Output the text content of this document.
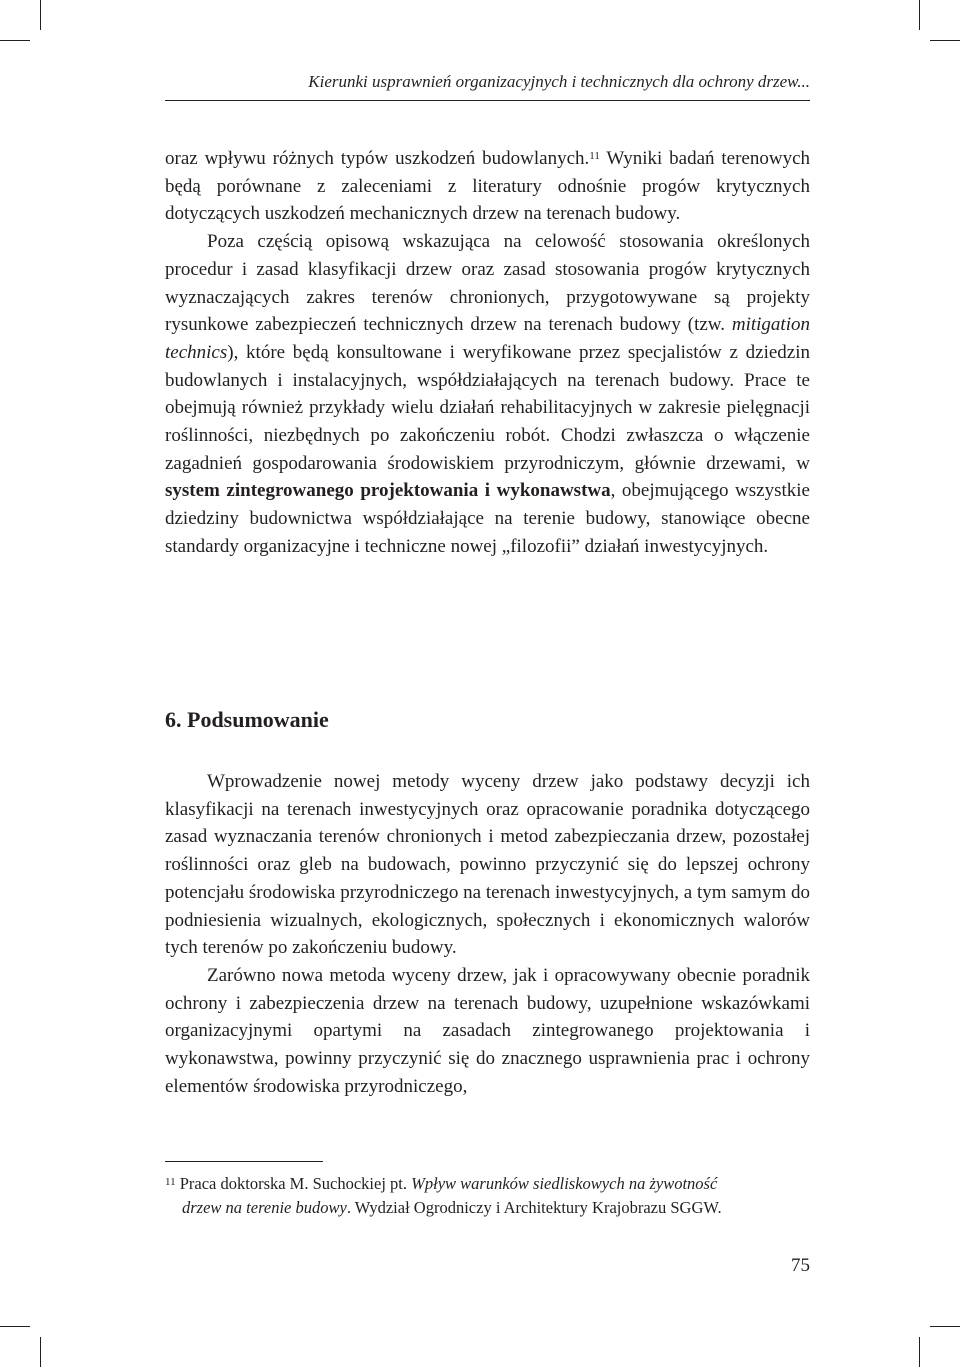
Kierunki usprawnień organizacyjnych i technicznych dla ochrony drzew...

oraz wpływu różnych typów uszkodzeń budowlanych.$^{11}$ Wyniki badań terenowych będą porównane z zaleceniami z literatury odnośnie progów krytycznych dotyczących uszkodzeń mechanicznych drzew na terenach budowy.

Poza częścią opisową wskazująca na celowość stosowania określonych procedur i zasad klasyfikacji drzew oraz zasad stosowania progów krytycznych wyznaczających zakres terenów chronionych, przygotowywane są projekty rysunkowe zabezpieczeń technicznych drzew na terenach budowy (tzw. mitigation technics), które będą konsultowane i weryfikowane przez specjalistów z dziedzin budowlanych i instalacyjnych, współdziałających na terenach budowy. Prace te obejmują również przykłady wielu działań rehabilitacyjnych w zakresie pielęgnacji roślinności, niezbędnych po zakończeniu robót. Chodzi zwłaszcza o włączenie zagadnień gospodarowania środowiskiem przyrodniczym, głównie drzewami, w system zintegrowanego projektowania i wykonawstwa, obejmującego wszystkie dziedziny budownictwa współdziałające na terenie budowy, stanowiące obecne standardy organizacyjne i techniczne nowej „filozofii” działań inwestycyjnych.

6. Podsumowanie

Wprowadzenie nowej metody wyceny drzew jako podstawy decyzji ich klasyfikacji na terenach inwestycyjnych oraz opracowanie poradnika dotyczącego zasad wyznaczania terenów chronionych i metod zabezpieczania drzew, pozostałej roślinności oraz gleb na budowach, powinno przyczynić się do lepszej ochrony potencjału środowiska przyrodniczego na terenach inwestycyjnych, a tym samym do podniesienia wizualnych, ekologicznych, społecznych i ekonomicznych walorów tych terenów po zakończeniu budowy.

Zarówno nowa metoda wyceny drzew, jak i opracowywany obecnie poradnik ochrony i zabezpieczenia drzew na terenach budowy, uzupełnione wskazówkami organizacyjnymi opartymi na zasadach zintegrowanego projektowania i wykonawstwa, powinny przyczynić się do znacznego usprawnienia prac i ochrony elementów środowiska przyrodniczego,

$^{11}$ Praca doktorska M. Suchockiej pt. Wpływ warunków siedliskowych na żywotność
drzew na terenie budowy. Wydział Ogrodniczy i Architektury Krajobrazu SGGW.
75
